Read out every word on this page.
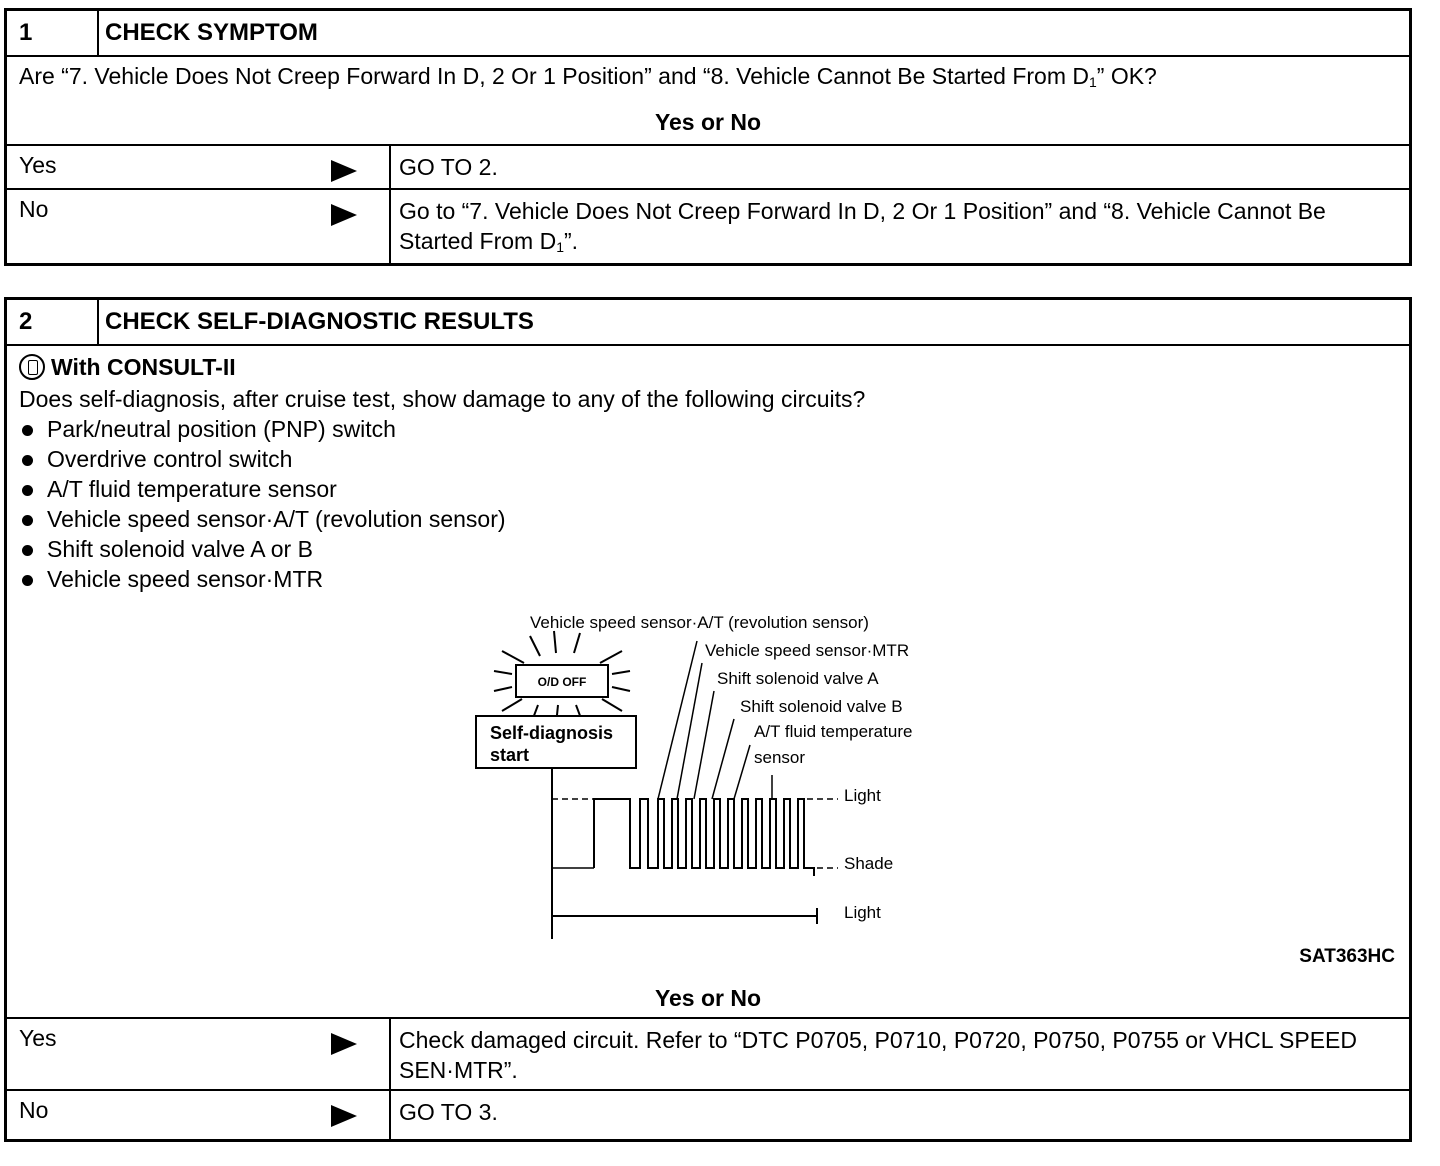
1	CHECK SYMPTOM
Are “7. Vehicle Does Not Creep Forward In D, 2 Or 1 Position” and “8. Vehicle Cannot Be Started From $D_1$” OK?
Yes or No
Yes	GO TO 2.
No	Go to “7. Vehicle Does Not Creep Forward In D, 2 Or 1 Position” and “8. Vehicle Cannot Be Started From $D_1$”.
2	CHECK SELF-DIAGNOSTIC RESULTS
With CONSULT-II
Does self-diagnosis, after cruise test, show damage to any of the following circuits?
Park/neutral position (PNP) switch
Overdrive control switch
A/T fluid temperature sensor
Vehicle speed sensor·A/T (revolution sensor)
Shift solenoid valve A or B
Vehicle speed sensor·MTR
O/D OFF
Self-diagnosis
start
Vehicle speed sensor·A/T (revolution sensor)
Vehicle speed sensor·MTR
Shift solenoid valve A
Shift solenoid valve B
A/T fluid temperature
sensor
Light
Shade
Light
SAT363HC
Yes or No
Yes	Check damaged circuit. Refer to “DTC P0705, P0710, P0720, P0750, P0755 or VHCL SPEED SEN·MTR”.
No	GO TO 3.
